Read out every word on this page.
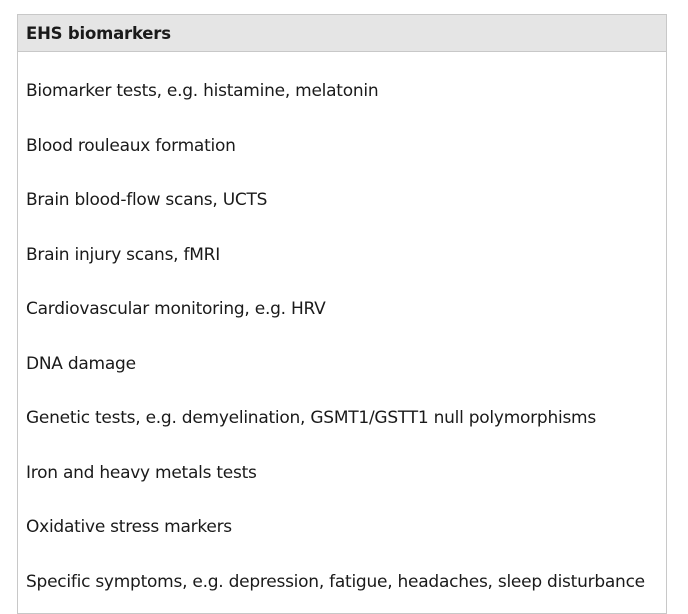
EHS biomarkers
Biomarker tests, e.g. histamine, melatonin
Blood rouleaux formation
Brain blood-flow scans, UCTS
Brain injury scans, fMRI
Cardiovascular monitoring, e.g. HRV
DNA damage
Genetic tests, e.g. demyelination, GSMT1/GSTT1 null polymorphisms
Iron and heavy metals tests
Oxidative stress markers
Specific symptoms, e.g. depression, fatigue, headaches, sleep disturbance
